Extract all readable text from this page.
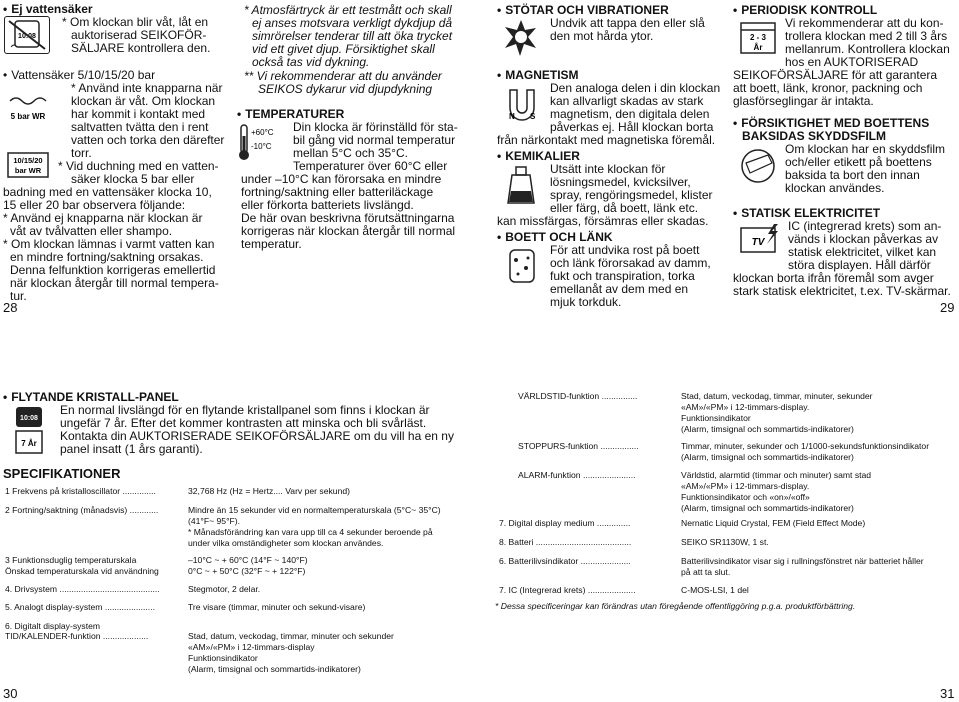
• Ej vattensäker
10:08
* Om klockan blir våt, låt en
auktoriserad SEIKOFÖR-
SÄLJARE kontrollera den.
• Vattensäker 5/10/15/20 bar
* Använd inte knapparna när
klockan är våt. Om klockan
har kommit i kontakt med
saltvatten tvätta den i rent
vatten och torka den därefter
torr.
* Vid duchning med en vatten-
säker klocka 5 bar eller
badning med en vattensäker klocka 10,
15 eller 20 bar observera följande:
* Använd ej knapparna när klockan är
våt av tvålvatten eller shampo.
* Om klockan lämnas i varmt vatten kan
en mindre fortning/saktning orsakas.
Denna felfunktion korrigeras emellertid
när klockan återgår till normal tempera-
tur.
5 bar WR
10/15/20
bar WR
28
* Atmosfärtryck är ett testmått och skall
ej anses motsvara verkligt dykdjup då
simrörelser tenderar till att öka trycket
vid ett givet djup. Försiktighet skall
också tas vid dykning.
** Vi rekommenderar att du använder
SEIKOS dykarur vid djupdykning
• TEMPERATURER
+60°C
-10°C
Din klocka är förinställd för sta-
bil gång vid normal temperatur
mellan 5°C och 35°C.
Temperaturer över 60°C eller
under –10°C kan förorsaka en mindre
fortning/saktning eller batteriläckage
eller förkorta batteriets livslängd.
De här ovan beskrivna förutsättningarna
korrigeras när klockan återgår till normal
temperatur.
• STÖTAR OCH VIBRATIONER
Undvik att tappa den eller slå
den mot hårda ytor.
• MAGNETISM
N S
Den analoga delen i din klockan
kan allvarligt skadas av stark
magnetism, den digitala delen
påverkas ej. Håll klockan borta
från närkontakt med magnetiska föremål.
• KEMIKALIER
Utsätt inte klockan för
lösningsmedel, kvicksilver,
spray, rengöringsmedel, klister
eller färg, då boett, länk etc.
kan missfärgas, försämras eller skadas.
• BOETT OCH LÄNK
För att undvika rost på boett
och länk förorsakad av damm,
fukt och transpiration, torka
emellanåt av dem med en
mjuk torkduk.
• PERIODISK KONTROLL
2 - 3
År
Vi rekommenderar att du kon-
trollera klockan med 2 till 3 års
mellanrum. Kontrollera klockan
hos en AUKTORISERAD
SEIKOFÖRSÄLJARE för att garantera
att boett, länk, kronor, packning och
glasförseglingar är intakta.
• FÖRSIKTIGHET MED BOETTENS
BAKSIDAS SKYDDSFILM
Om klockan har en skyddsfilm
och/eller etikett på boettens
baksida ta bort den innan
klockan användes.
• STATISK ELEKTRICITET
TV
IC (integrerad krets) som an-
vänds i klockan påverkas av
statisk elektricitet, vilket kan
störa displayen. Håll därför
klockan borta ifrån föremål som avger
stark statisk elektricitet, t.ex. TV-skärmar.
29
• FLYTANDE KRISTALL-PANEL
10:08
7 År
En normal livslängd för en flytande kristallpanel som finns i klockan är
ungefär 7 år. Efter det kommer kontrasten att minska och bli svårläst.
Kontakta din AUKTORISERADE SEIKOFÖRSÄLJARE om du vill ha en ny
panel insatt (1 års garanti).
SPECIFIKATIONER
1 Frekvens på kristalloscillator ..............	32,768 Hz (Hz = Hertz.... Varv per sekund)
2 Fortning/saktning (månadsvis) ............	Mindre än 15 sekunder vid en normaltemperaturskala (5°C~ 35°C)
(41°F~ 95°F).
* Månadsförändring kan vara upp till ca 4 sekunder beroende på
under vilka omständigheter som klockan användes.
3 Funktionsduglig temperaturskala	–10°C ~ + 60°C (14°F ~ 140°F)
Önskad temperaturskala vid användning	0°C ~ + 50°C (32°F ~ + 122°F)
4. Drivsystem ..........................................	Stegmotor, 2 delar.
5. Analogt display-system .....................	Tre visare (timmar, minuter och sekund-visare)
6. Digitalt display-system
TID/KALENDER-funktion ...................	Stad, datum, veckodag, timmar, minuter och sekunder
«AM»/«PM» i 12-timmars-display
Funktionsindikator
(Alarm, timsignal och sommartids-indikatorer)
30
VÄRLDSTID-funktion ...............	Stad, datum, veckodag, timmar, minuter, sekunder
«AM»/«PM» i 12-timmars-display.
Funktionsindikator
(Alarm, timsignal och sommartids-indikatorer)
STOPPURS-funktion ................	Timmar, minuter, sekunder och 1/1000-sekundsfunktionsindikator
(Alarm, timsignal och sommartids-indikatorer)
ALARM-funktion ......................	Världstid, alarmtid (timmar och minuter) samt stad
«AM»/«PM» i 12-timmars-display.
Funktionsindikator och «on»/«off»
(Alarm, timsignal och sommartids-indikatorer)
7. Digital display medium ..............	Nernatic Liquid Crystal, FEM (Field Effect Mode)
8. Batteri ........................................	SEIKO SR1130W, 1 st.
6. Batterilivsindikator .....................	Batterilivsindikator visar sig i rullningsfönstret när batteriet håller
på att ta slut.
7. IC (Integrerad krets) ....................	C-MOS-LSI, 1 del
* Dessa specificeringar kan förändras utan föregående offentliggöring p.g.a. produktförbättring.
31
